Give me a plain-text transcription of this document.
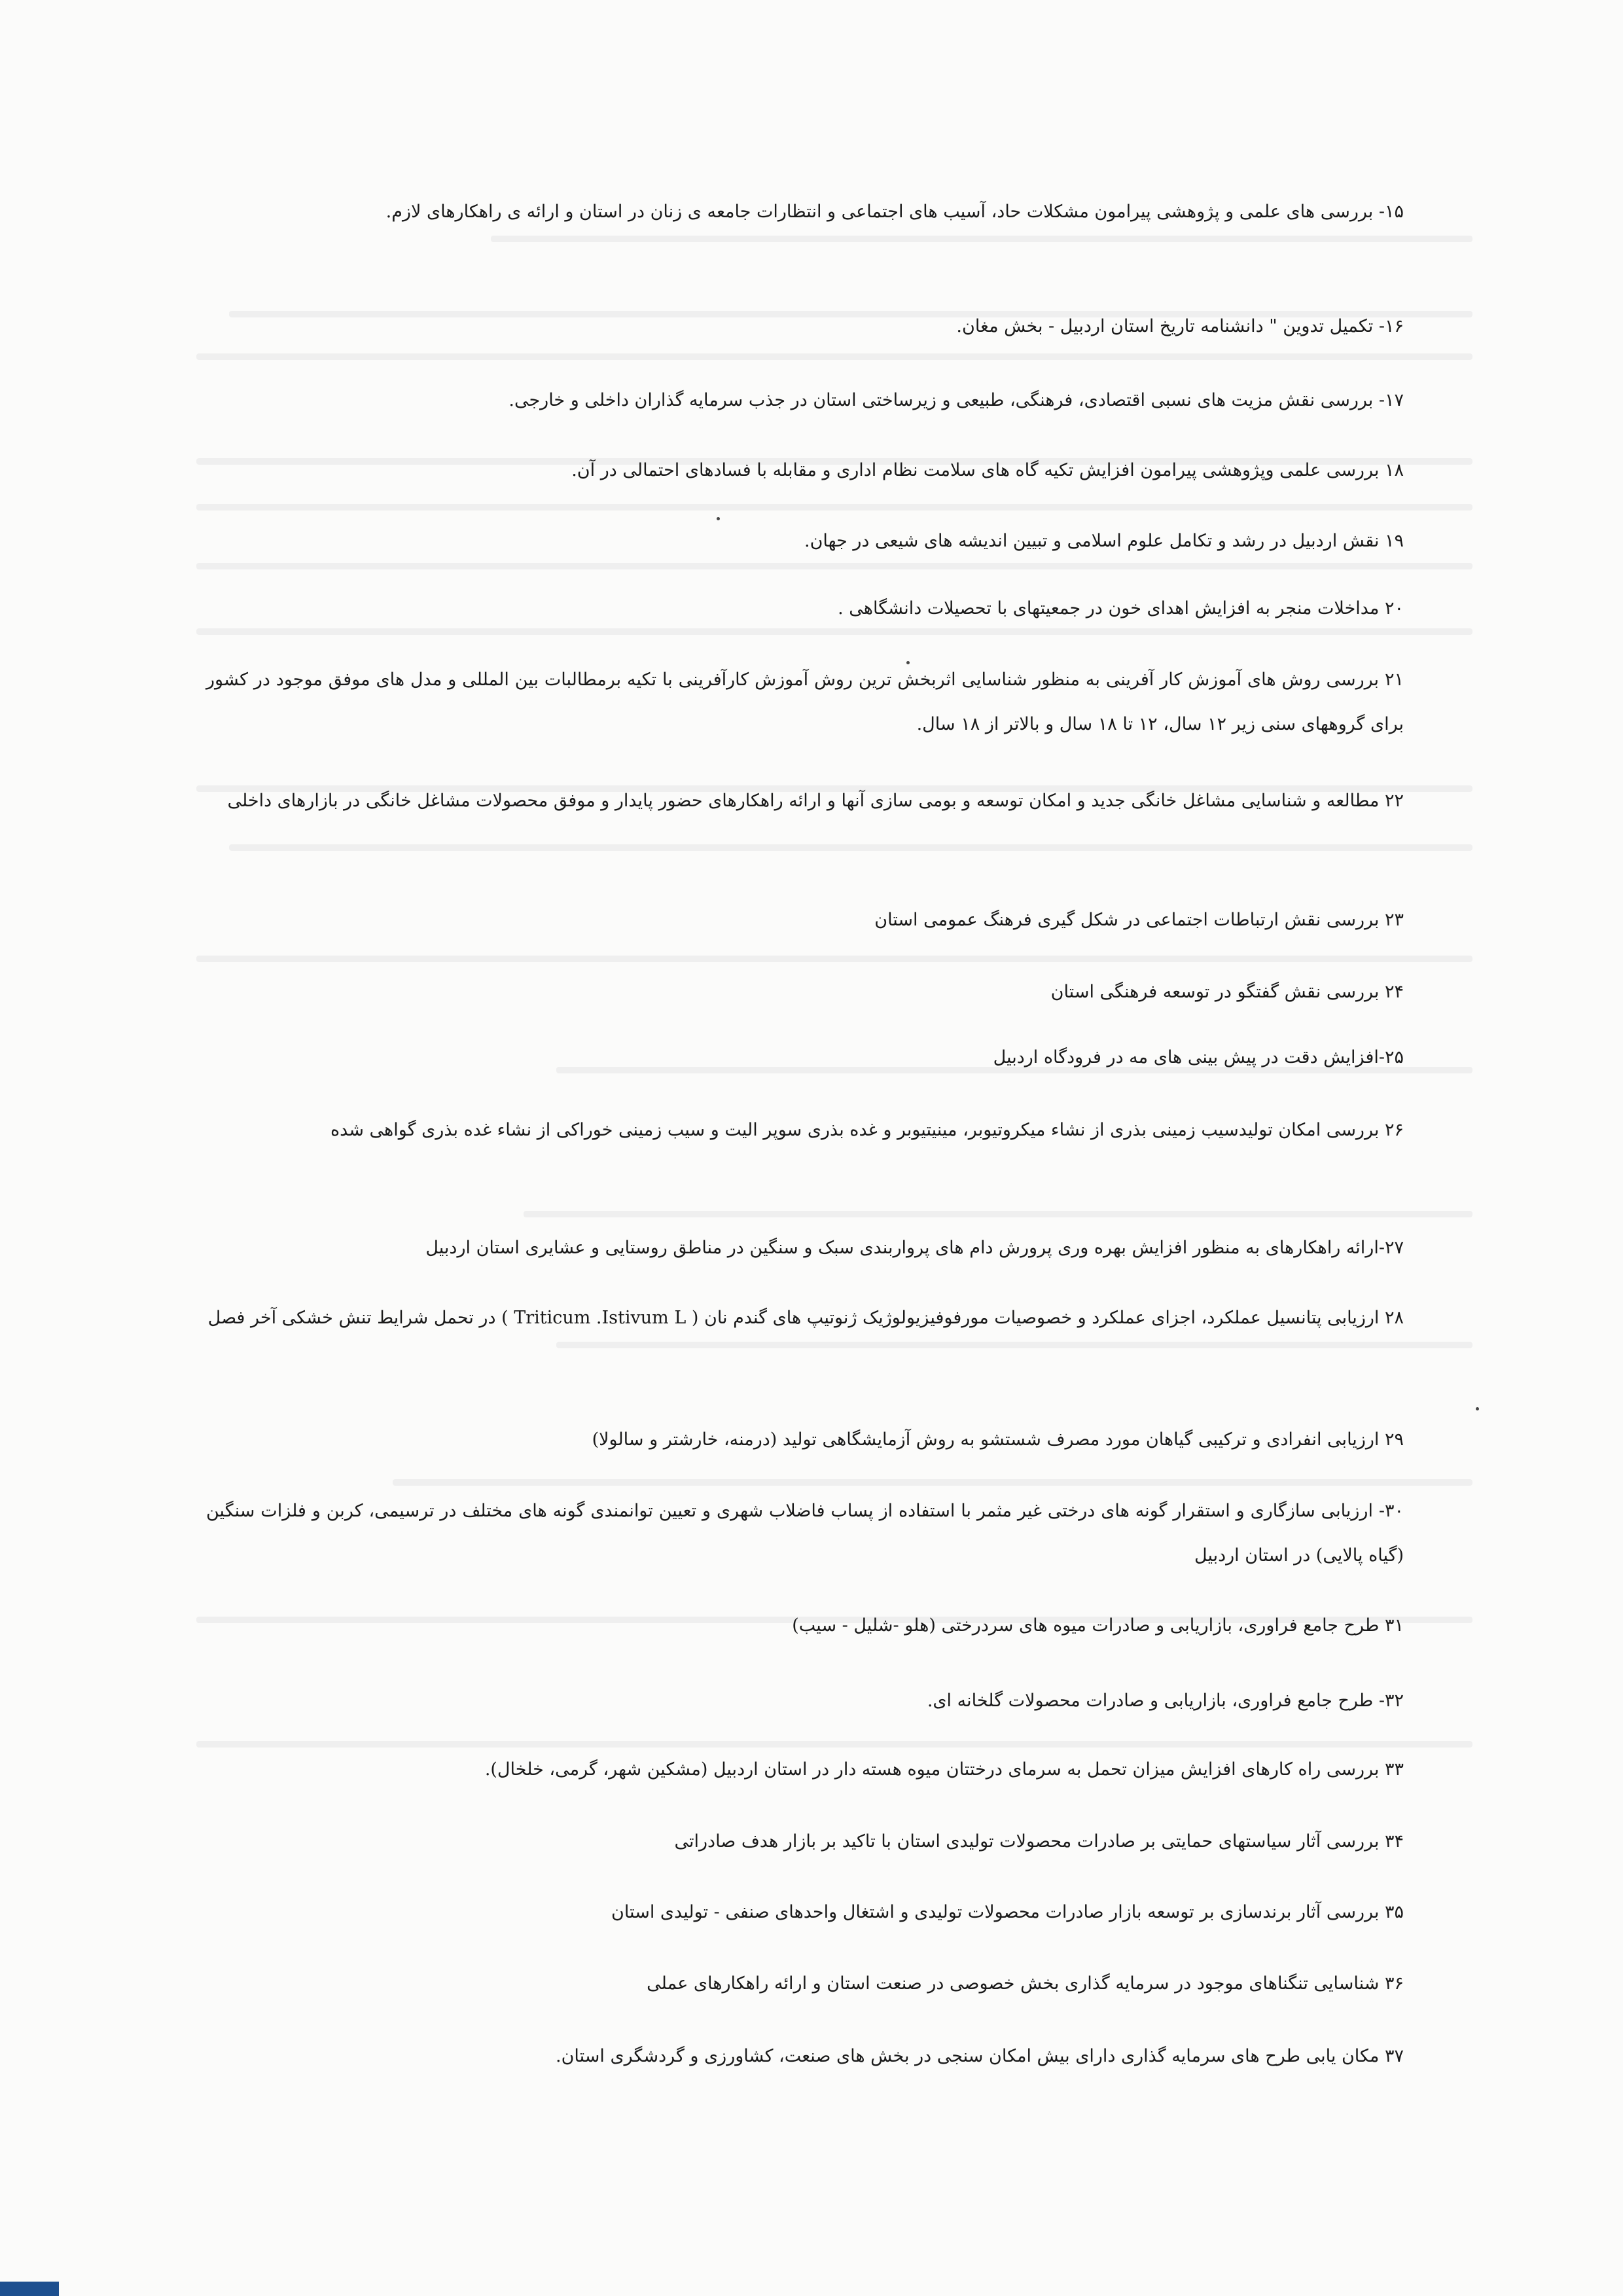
۱۵- بررسی های علمی و پژوهشی پیرامون مشکلات حاد، آسیب های اجتماعی و انتظارات جامعه ی زنان در استان و ارائه ی راهکارهای لازم.
۱۶- تکمیل تدوین " دانشنامه تاریخ استان اردبیل - بخش مغان.
۱۷- بررسی نقش مزیت های نسبی اقتصادی، فرهنگی، طبیعی و زیرساختی استان در جذب سرمایه گذاران داخلی و خارجی.
۱۸ بررسی علمی وپژوهشی پیرامون افزایش تکیه گاه های سلامت نظام اداری و مقابله با فسادهای احتمالی در آن.
۱۹ نقش اردبیل در رشد و تکامل علوم اسلامی و تبیین اندیشه های شیعی در جهان.
۲۰ مداخلات منجر به افزایش اهدای خون در جمعیتهای با تحصیلات دانشگاهی .
۲۱ بررسی روش های آموزش کار آفرینی به منظور شناسایی اثربخش ترین روش آموزش کارآفرینی با تکیه برمطالبات بین المللی و مدل های موفق موجود در کشور برای گروههای سنی زیر ۱۲ سال، ۱۲ تا ۱۸ سال و بالاتر از ۱۸ سال.
۲۲ مطالعه و شناسایی مشاغل خانگی جدید و امکان توسعه و بومی سازی آنها و ارائه راهکارهای حضور پایدار و موفق محصولات مشاغل خانگی در بازارهای داخلی
۲۳ بررسی نقش ارتباطات اجتماعی در شکل گیری فرهنگ عمومی استان
۲۴ بررسی نقش گفتگو در توسعه فرهنگی استان
۲۵-افزایش دقت در پیش بینی های مه در فرودگاه اردبیل
۲۶ بررسی امکان تولیدسیب زمینی بذری از نشاء میکروتیوبر، مینیتیوبر و غده بذری سوپر الیت و سیب زمینی خوراکی از نشاء غده بذری گواهی شده
۲۷-ارائه راهکارهای به منظور افزایش بهره وری پرورش دام های پرواربندی سبک و سنگین در مناطق روستایی و عشایری استان اردبیل
۲۸ ارزیابی پتانسیل عملکرد، اجزای عملکرد و خصوصیات مورفوفیزیولوژیک ژنوتیپ های گندم نان ( Triticum .Istivum L ) در تحمل شرایط تنش خشکی آخر فصل
۲۹ ارزیابی انفرادی و ترکیبی گیاهان مورد مصرف شستشو به روش آزمایشگاهی تولید (درمنه، خارشتر و سالولا)
۳۰- ارزیابی سازگاری و استقرار گونه های درختی غیر مثمر با استفاده از پساب فاضلاب شهری و تعیین توانمندی گونه های مختلف در ترسیمی، کربن و فلزات سنگین (گیاه پالایی) در استان اردبیل
۳۱ طرح جامع فراوری، بازاریابی و صادرات میوه های سردرختی (هلو -شلیل - سیب)
۳۲- طرح جامع فراوری، بازاریابی و صادرات محصولات گلخانه ای.
۳۳ بررسی راه کارهای افزایش میزان تحمل به سرمای درختتان میوه هسته دار در استان اردبیل (مشکین شهر، گرمی، خلخال).
۳۴ بررسی آثار سیاستهای حمایتی بر صادرات محصولات تولیدی استان با تاکید بر بازار هدف صادراتی
۳۵ بررسی آثار برندسازی بر توسعه بازار صادرات محصولات تولیدی و اشتغال واحدهای صنفی - تولیدی استان
۳۶ شناسایی تنگناهای موجود در سرمایه گذاری بخش خصوصی در صنعت استان و ارائه راهکارهای عملی
۳۷ مکان یابی طرح های سرمایه گذاری دارای بیش امکان سنجی در بخش های صنعت، کشاورزی و گردشگری استان.
